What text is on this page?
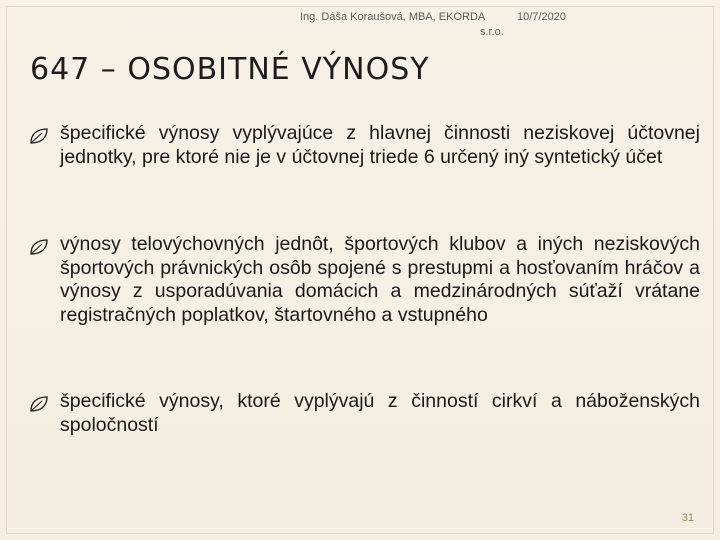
Ing. Dáša Koraušová, MBA, EKORDA	10/7/2020
s.r.o.
647 – OSOBITNÉ VÝNOSY
špecifické výnosy vyplývajúce z hlavnej činnosti neziskovej účtovnej jednotky, pre ktoré nie je v účtovnej triede 6 určený iný syntetický účet
výnosy telovýchovných jednôt, športových klubov a iných neziskových športových právnických osôb spojené s prestupmi a hosťovaním hráčov a výnosy z usporadúvania domácich a medzinárodných súťaží vrátane registračných poplatkov, štartovného a vstupného
špecifické výnosy, ktoré vyplývajú z činností cirkví a náboženských spoločností
31
